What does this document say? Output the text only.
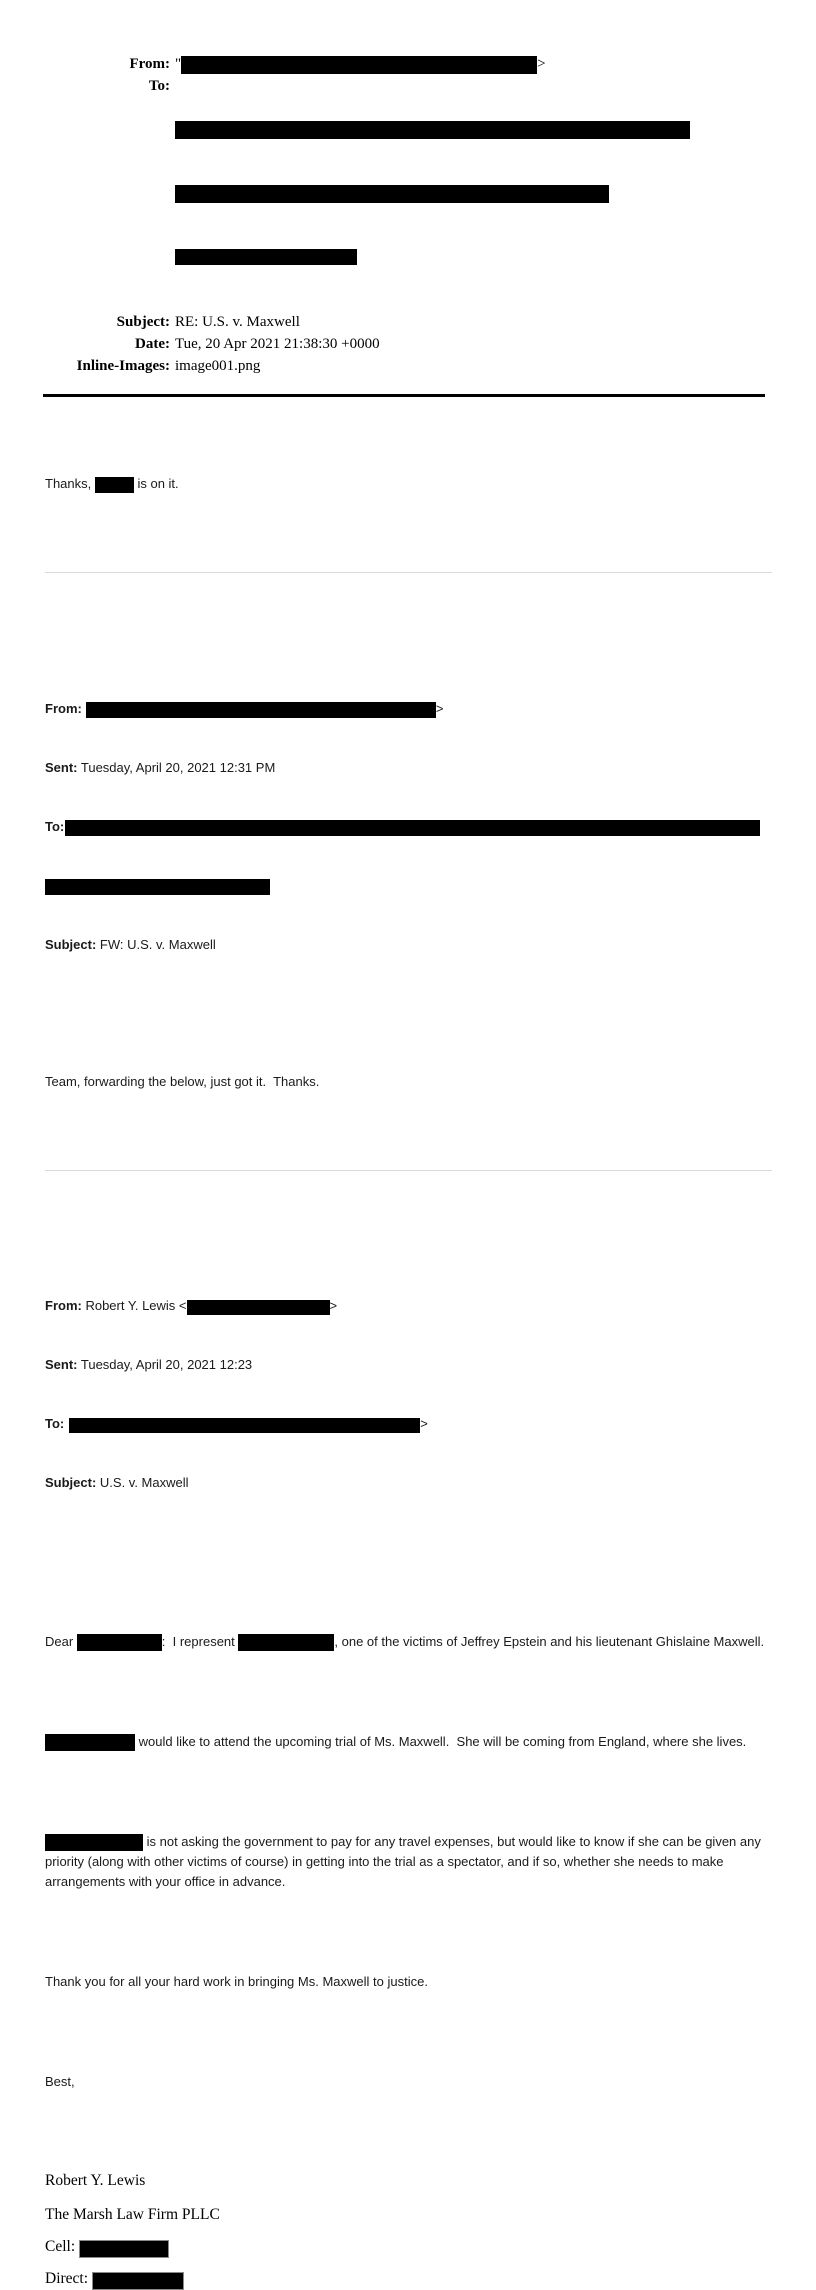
From: "	>
To:

Subject: RE: U.S. v. Maxwell
Date: Tue, 20 Apr 2021 21:38:30 +0000
Inline-Images: image001.png

Thanks,	is on it.

From:	>

Sent: Tuesday, April 20, 2021 12:31 PM

To:

Subject: FW: U.S. v. Maxwell

Team, forwarding the below, just got it.  Thanks.

From: Robert Y. Lewis <	>

Sent: Tuesday, April 20, 2021 12:23

To:	>

Subject: U.S. v. Maxwell

Dear	:  I represent	, one of the victims of Jeffrey Epstein and his lieutenant Ghislaine Maxwell.

would like to attend the upcoming trial of Ms. Maxwell.  She will be coming from England, where she lives.

is not asking the government to pay for any travel expenses, but would like to know if she can be given any priority (along with other victims of course) in getting into the trial as a spectator, and if so, whether she needs to make arrangements with your office in advance.

Thank you for all your hard work in bringing Ms. Maxwell to justice.

Best,

Robert Y. Lewis
The Marsh Law Firm PLLC
Cell:
Direct:
